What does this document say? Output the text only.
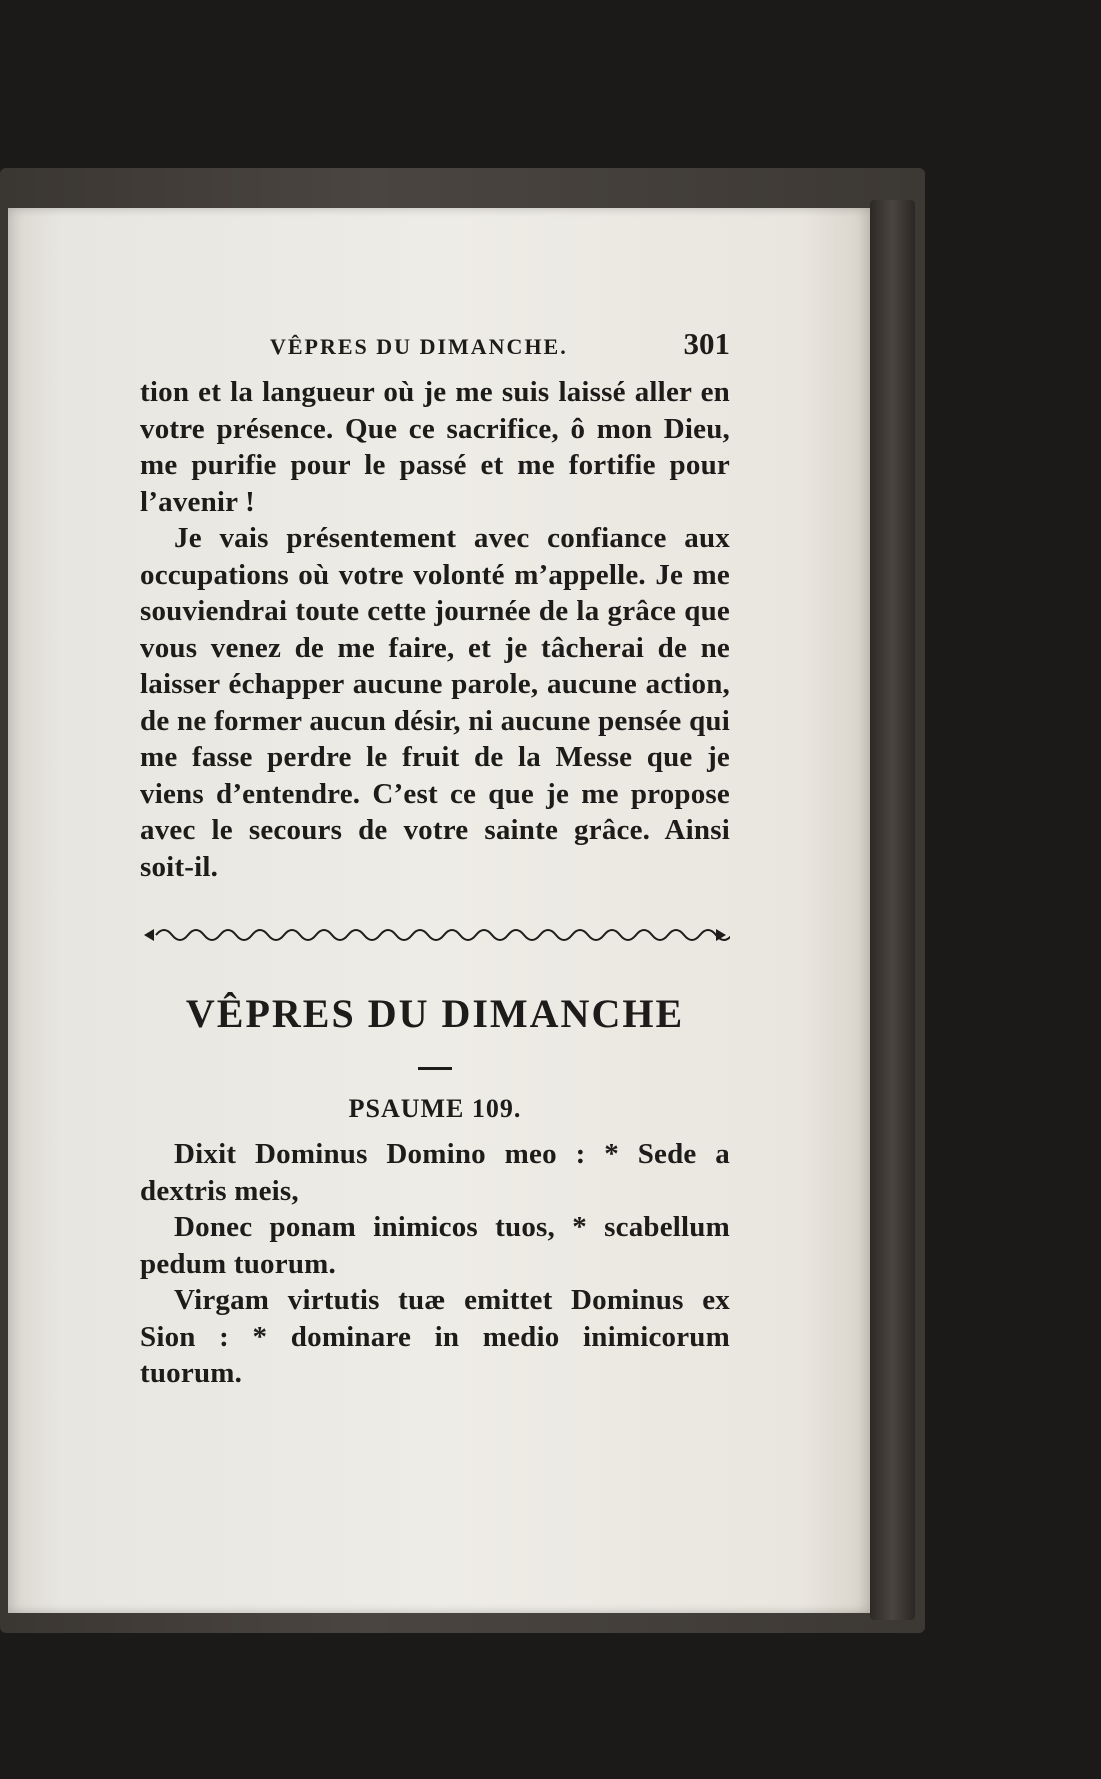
VÊPRES DU DIMANCHE.	301

tion et la langueur où je me suis laissé aller en votre présence. Que ce sacrifice, ô mon Dieu, me purifie pour le passé et me fortifie pour l’avenir !

Je vais présentement avec confiance aux occupations où votre volonté m’appelle. Je me souviendrai toute cette journée de la grâce que vous venez de me faire, et je tâcherai de ne laisser échapper aucune parole, aucune action, de ne former aucun désir, ni aucune pensée qui me fasse perdre le fruit de la Messe que je viens d’entendre. C’est ce que je me propose avec le secours de votre sainte grâce. Ainsi soit-il.

VÊPRES DU DIMANCHE
PSAUME 109.

Dixit Dominus Domino meo : * Sede a dextris meis,

Donec ponam inimicos tuos, * scabellum pedum tuorum.

Virgam virtutis tuæ emittet Dominus ex Sion : * dominare in medio inimicorum tuorum.
